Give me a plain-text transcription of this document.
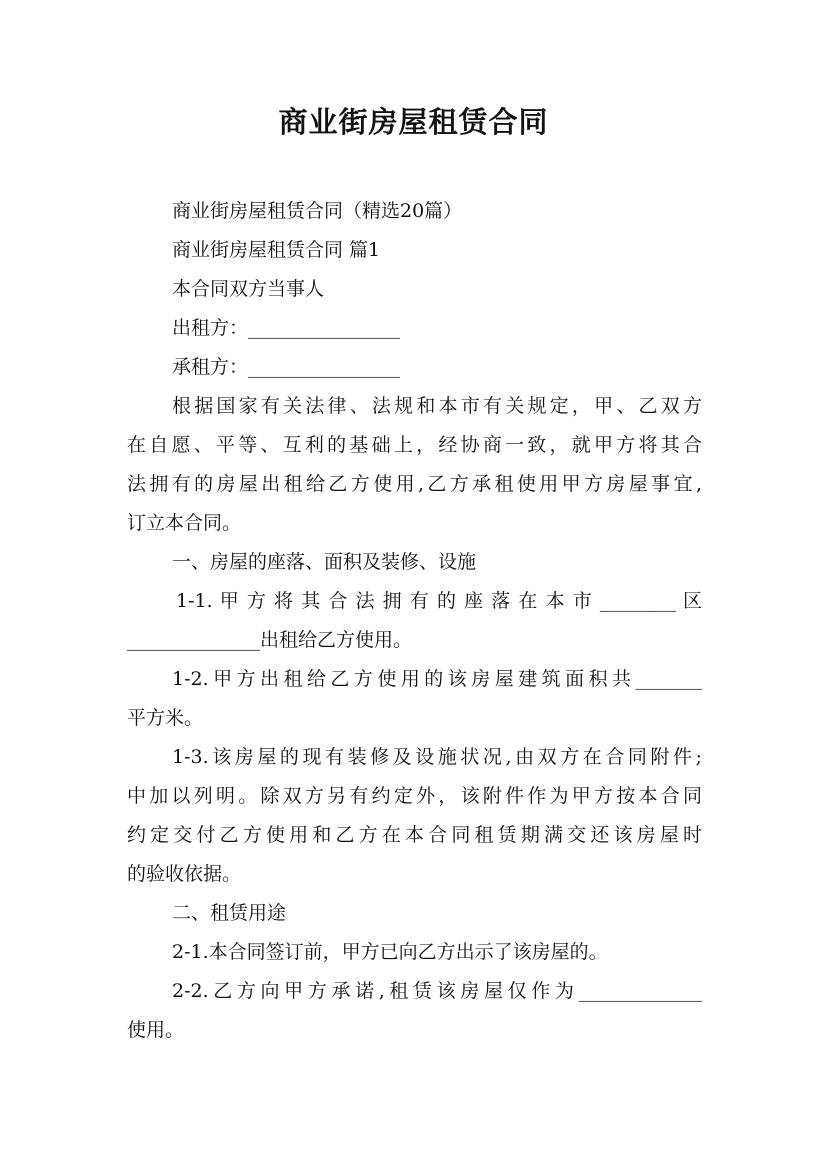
商业街房屋租赁合同
商业街房屋租赁合同（精选20篇）
商业街房屋租赁合同 篇1
本合同双方当事人
出租方：________________
承租方：________________
根据国家有关法律、法规和本市有关规定，甲、乙双方
在自愿、平等、互利的基础上，经协商一致，就甲方将其合
法拥有的房屋出租给乙方使用,乙方承租使用甲方房屋事宜,
订立本合同。
一、房屋的座落、面积及装修、设施
1-1. 甲 方 将 其 合 法 拥 有 的 座 落 在 本 市 ________ 区
______________出租给乙方使用。
1-2.甲方出租给乙方使用的该房屋建筑面积共_______
平方米。
1-3.该房屋的现有装修及设施状况,由双方在合同附件;
中加以列明。除双方另有约定外，该附件作为甲方按本合同
约定交付乙方使用和乙方在本合同租赁期满交还该房屋时
的验收依据。
二、租赁用途
2-1.本合同签订前，甲方已向乙方出示了该房屋的。
2-2.乙方向甲方承诺,租赁该房屋仅作为_____________
使用。
